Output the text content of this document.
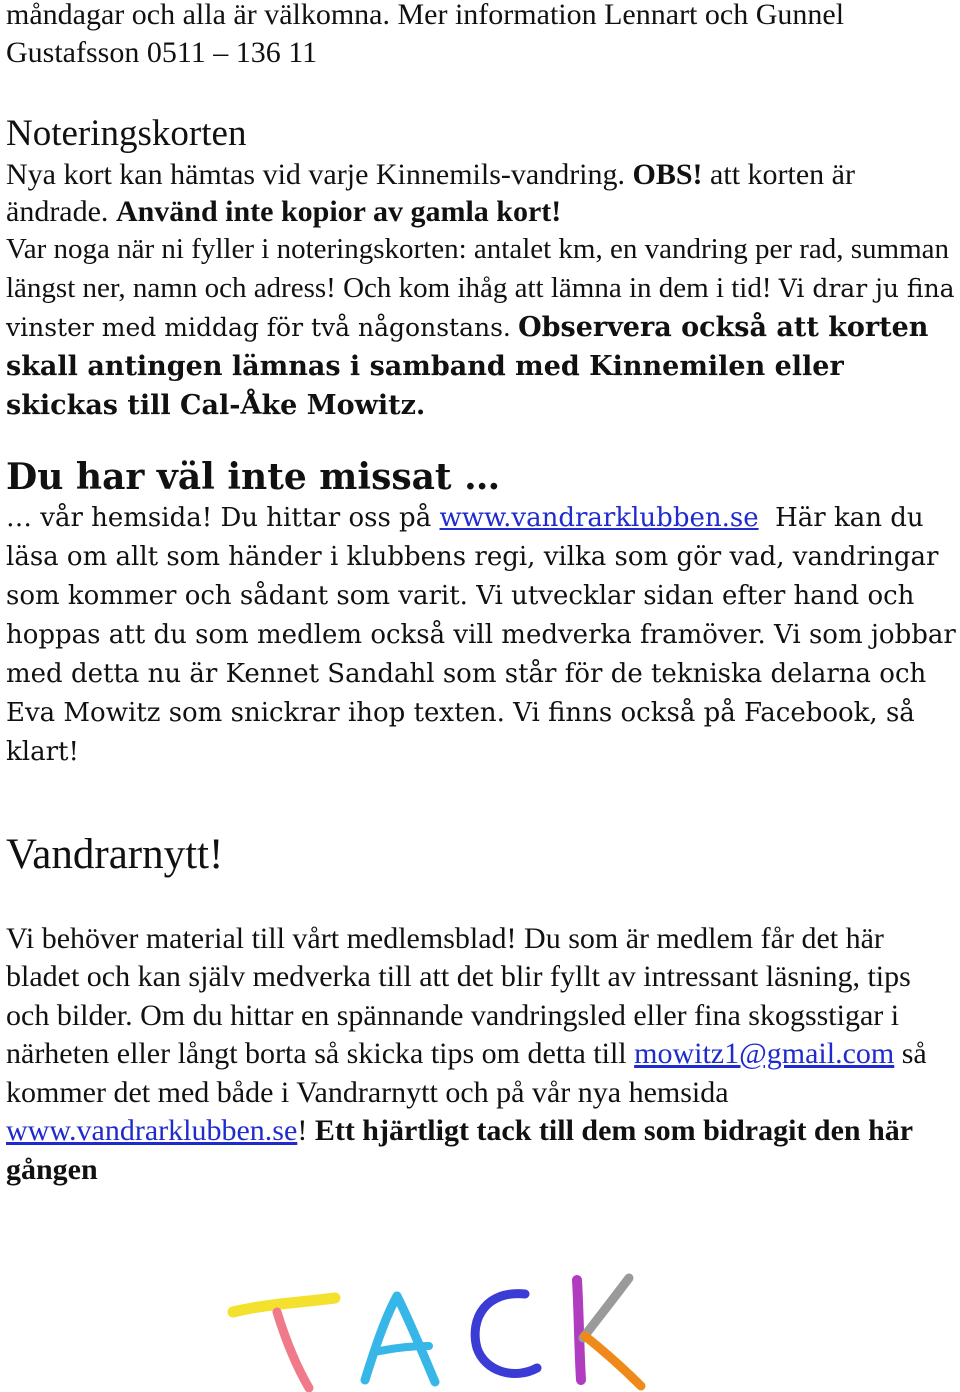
måndagar och alla är välkomna. Mer information Lennart och Gunnel Gustafsson 0511 – 136 11

Noteringskorten

Nya kort kan hämtas vid varje Kinnemils-vandring. OBS! att korten är ändrade. Använd inte kopior av gamla kort!

Var noga när ni fyller i noteringskorten: antalet km, en vandring per rad, summan längst ner, namn och adress! Och kom ihåg att lämna in dem i tid! Vi drar ju fina vinster med middag för två någonstans. Observera också att korten skall antingen lämnas i samband med Kinnemilen eller skickas till Cal-Åke Mowitz.

Du har väl inte missat …

… vår hemsida! Du hittar oss på www.vandrarklubben.se Här kan du läsa om allt som händer i klubbens regi, vilka som gör vad, vandringar som kommer och sådant som varit. Vi utvecklar sidan efter hand och hoppas att du som medlem också vill medverka framöver. Vi som jobbar med detta nu är Kennet Sandahl som står för de tekniska delarna och Eva Mowitz som snickrar ihop texten. Vi finns också på Facebook, så klart!

Vandrarnytt!

Vi behöver material till vårt medlemsblad! Du som är medlem får det här bladet och kan själv medverka till att det blir fyllt av intressant läsning, tips och bilder. Om du hittar en spännande vandringsled eller fina skogsstigar i närheten eller långt borta så skicka tips om detta till mowitz1@gmail.com så kommer det med både i Vandrarnytt och på vår nya hemsida www.vandrarklubben.se! Ett hjärtligt tack till dem som bidragit den här gången
